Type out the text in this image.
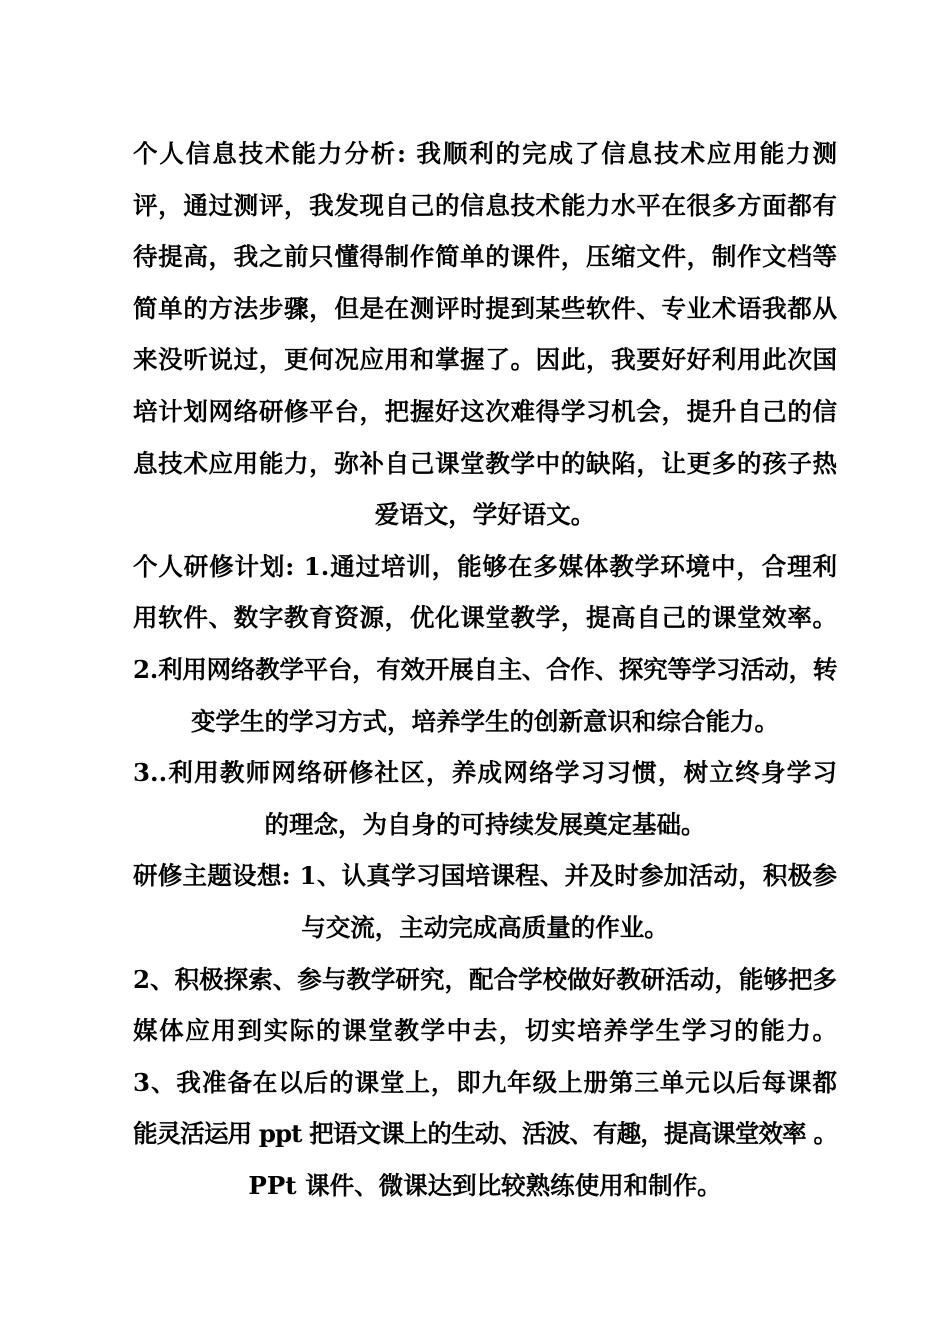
个人信息技术能力分析: 我顺利的完成了信息技术应用能力测
评，通过测评，我发现自己的信息技术能力水平在很多方面都有
待提高，我之前只懂得制作简单的课件，压缩文件，制作文档等
简单的方法步骤，但是在测评时提到某些软件、专业术语我都从
来没听说过，更何况应用和掌握了。因此，我要好好利用此次国
培计划网络研修平台，把握好这次难得学习机会，提升自己的信
息技术应用能力，弥补自己课堂教学中的缺陷，让更多的孩子热
爱语文，学好语文。
个人研修计划: 1.通过培训，能够在多媒体教学环境中，合理利
用软件、数字教育资源，优化课堂教学，提高自己的课堂效率。
2.利用网络教学平台，有效开展自主、合作、探究等学习活动，转
变学生的学习方式，培养学生的创新意识和综合能力。
3..利用教师网络研修社区，养成网络学习习惯，树立终身学习
的理念，为自身的可持续发展奠定基础。
研修主题设想: 1、认真学习国培课程、并及时参加活动，积极参
与交流，主动完成高质量的作业。
2、积极探索、参与教学研究，配合学校做好教研活动，能够把多
媒体应用到实际的课堂教学中去，切实培养学生学习的能力。
3、我准备在以后的课堂上，即九年级上册第三单元以后每课都
能灵活运用 ppt 把语文课上的生动、活波、有趣，提高课堂效率 。
PPt 课件、微课达到比较熟练使用和制作。
